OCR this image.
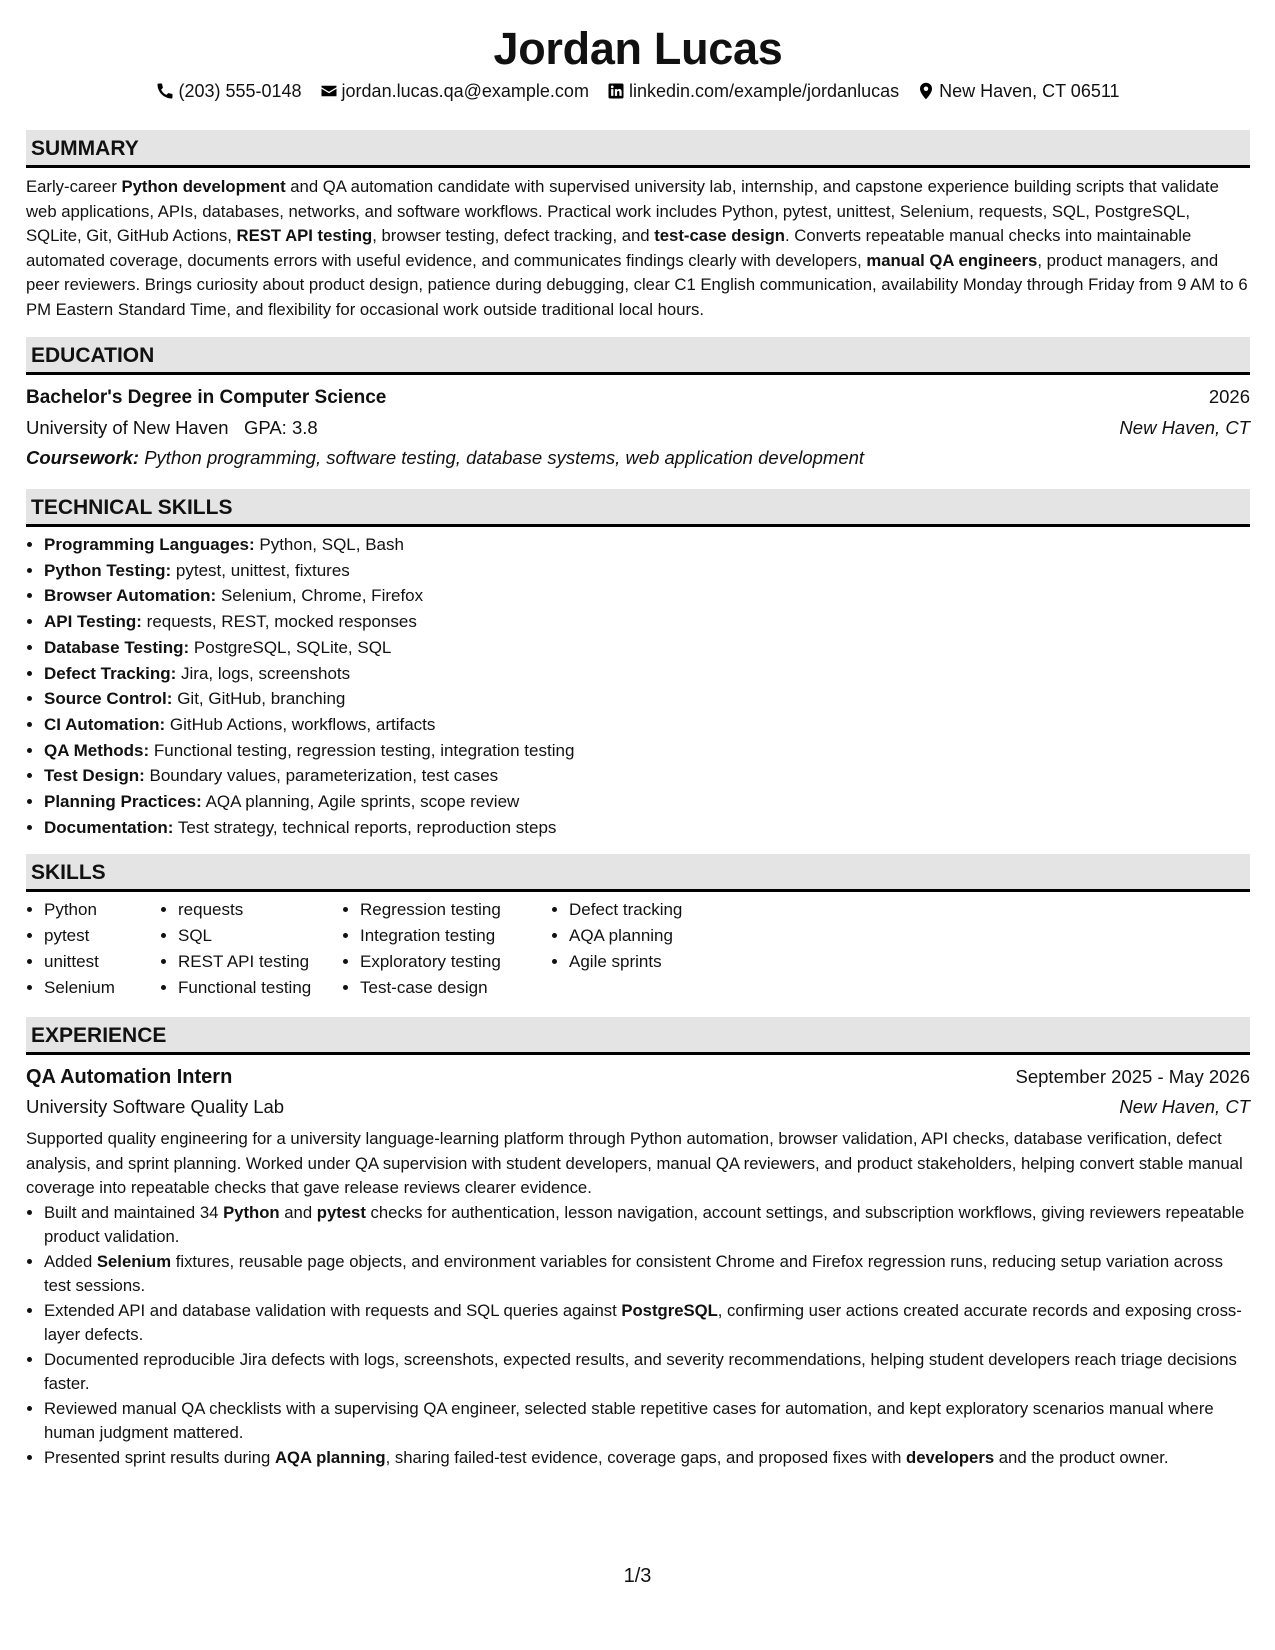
Jordan Lucas
(203) 555-0148 jordan.lucas.qa@example.com linkedin.com/example/jordanlucas New Haven, CT 06511
SUMMARY
Early-career Python development and QA automation candidate with supervised university lab, internship, and capstone experience building scripts that validate web applications, APIs, databases, networks, and software workflows. Practical work includes Python, pytest, unittest, Selenium, requests, SQL, PostgreSQL, SQLite, Git, GitHub Actions, REST API testing, browser testing, defect tracking, and test-case design. Converts repeatable manual checks into maintainable automated coverage, documents errors with useful evidence, and communicates findings clearly with developers, manual QA engineers, product managers, and peer reviewers. Brings curiosity about product design, patience during debugging, clear C1 English communication, availability Monday through Friday from 9 AM to 6 PM Eastern Standard Time, and flexibility for occasional work outside traditional local hours.
EDUCATION
Bachelor's Degree in Computer Science	2026
University of New Haven GPA: 3.8	New Haven, CT
Coursework: Python programming, software testing, database systems, web application development
TECHNICAL SKILLS
• Programming Languages: Python, SQL, Bash
• Python Testing: pytest, unittest, fixtures
• Browser Automation: Selenium, Chrome, Firefox
• API Testing: requests, REST, mocked responses
• Database Testing: PostgreSQL, SQLite, SQL
• Defect Tracking: Jira, logs, screenshots
• Source Control: Git, GitHub, branching
• CI Automation: GitHub Actions, workflows, artifacts
• QA Methods: Functional testing, regression testing, integration testing
• Test Design: Boundary values, parameterization, test cases
• Planning Practices: AQA planning, Agile sprints, scope review
• Documentation: Test strategy, technical reports, reproduction steps
SKILLS
• Python
• pytest
• unittest
• Selenium
• requests
• SQL
• REST API testing
• Functional testing
• Regression testing
• Integration testing
• Exploratory testing
• Test-case design
• Defect tracking
• AQA planning
• Agile sprints
EXPERIENCE
QA Automation Intern	September 2025 - May 2026
University Software Quality Lab	New Haven, CT
Supported quality engineering for a university language-learning platform through Python automation, browser validation, API checks, database verification, defect analysis, and sprint planning. Worked under QA supervision with student developers, manual QA reviewers, and product stakeholders, helping convert stable manual coverage into repeatable checks that gave release reviews clearer evidence.
• Built and maintained 34 Python and pytest checks for authentication, lesson navigation, account settings, and subscription workflows, giving reviewers repeatable product validation.
• Added Selenium fixtures, reusable page objects, and environment variables for consistent Chrome and Firefox regression runs, reducing setup variation across test sessions.
• Extended API and database validation with requests and SQL queries against PostgreSQL, confirming user actions created accurate records and exposing cross-layer defects.
• Documented reproducible Jira defects with logs, screenshots, expected results, and severity recommendations, helping student developers reach triage decisions faster.
• Reviewed manual QA checklists with a supervising QA engineer, selected stable repetitive cases for automation, and kept exploratory scenarios manual where human judgment mattered.
• Presented sprint results during AQA planning, sharing failed-test evidence, coverage gaps, and proposed fixes with developers and the product owner.
1/3
